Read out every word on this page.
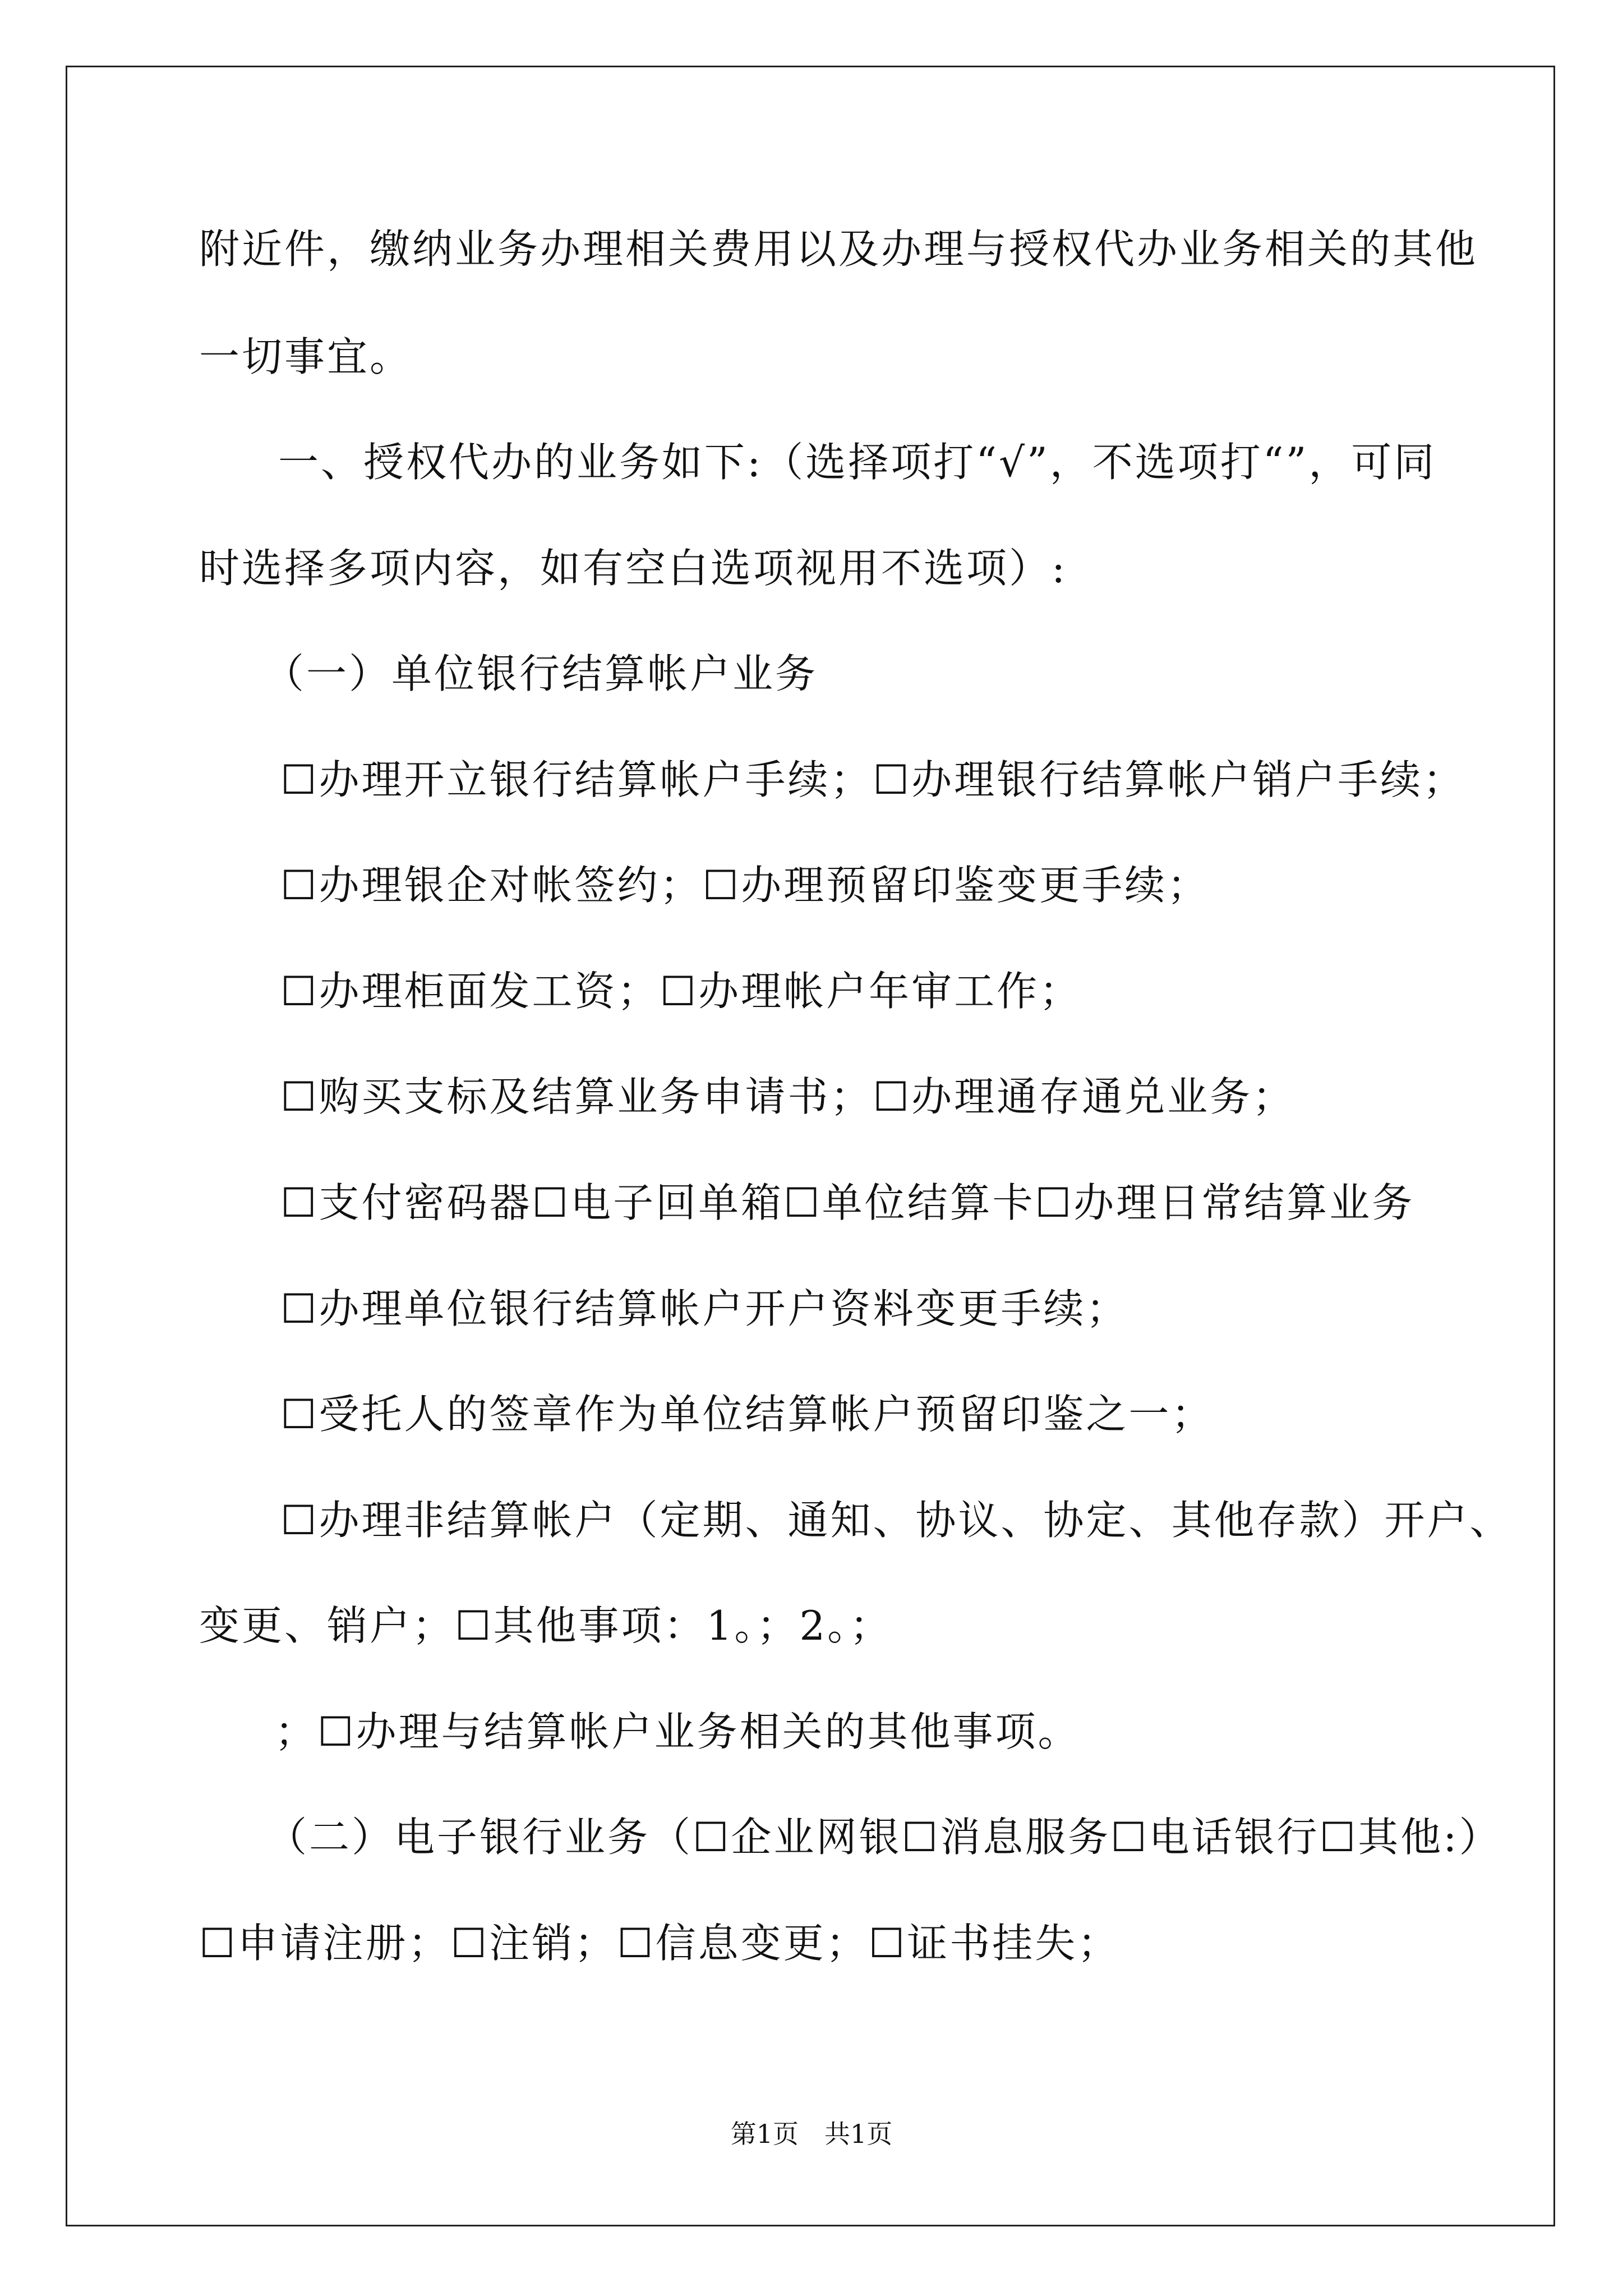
附近件，缴纳业务办理相关费用以及办理与授权代办业务相关的其他
一切事宜。
一、授权代办的业务如下:（选择项打“√”，不选项打“”，可同
时选择多项内容，如有空白选项视用不选项）:
（一）单位银行结算帐户业务
☐办理开立银行结算帐户手续；☐办理银行结算帐户销户手续；
☐办理银企对帐签约；☐办理预留印鉴变更手续；
☐办理柜面发工资；☐办理帐户年审工作；
☐购买支标及结算业务申请书；☐办理通存通兑业务；
☐支付密码器☐电子回单箱☐单位结算卡☐办理日常结算业务
☐办理单位银行结算帐户开户资料变更手续；
☐受托人的签章作为单位结算帐户预留印鉴之一；
☐办理非结算帐户（定期、通知、协议、协定、其他存款）开户、
变更、销户；☐其他事项：1。；2。；
；☐办理与结算帐户业务相关的其他事项。
（二）电子银行业务（☐企业网银☐消息服务☐电话银行☐其他:）
☐申请注册；☐注销；☐信息变更；☐证书挂失；
第1页　共1页
